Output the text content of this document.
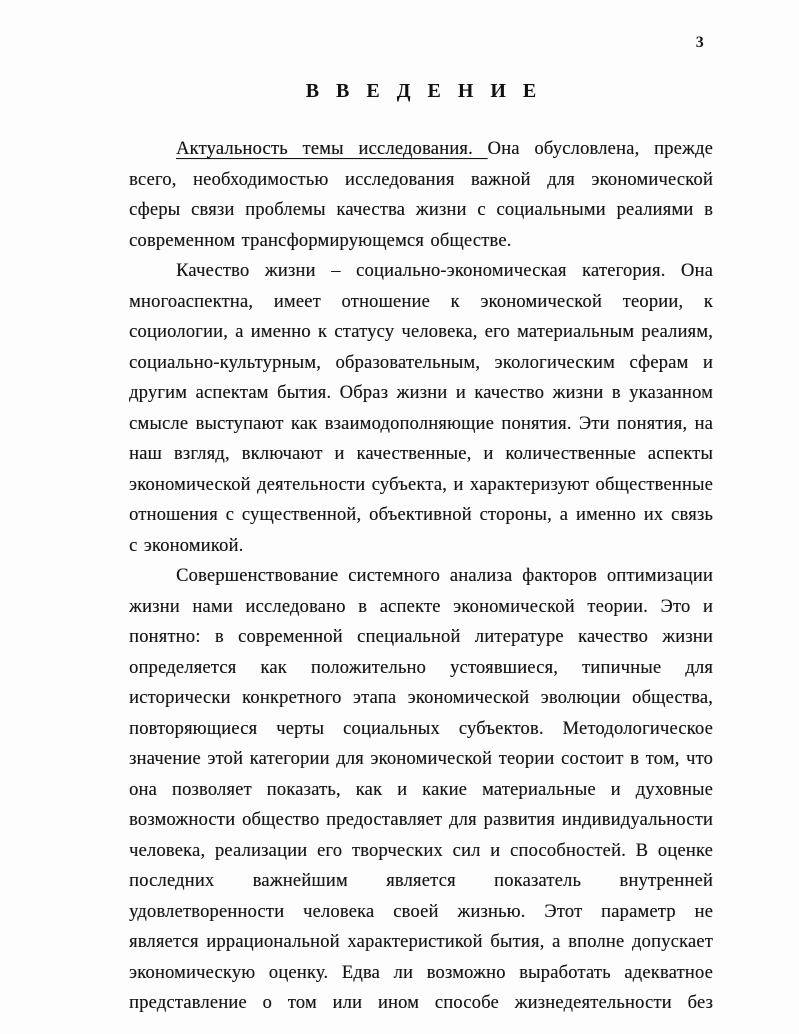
3
В В Е Д Е Н И Е

Актуальность темы исследования. Она обусловлена, прежде всего, необходимостью исследования важной для экономической сферы связи проблемы качества жизни с социальными реалиями в современном трансформирующемся обществе.

Качество жизни – социально-экономическая категория. Она многоаспектна, имеет отношение к экономической теории, к социологии, а именно к статусу человека, его материальным реалиям, социально-культурным, образовательным, экологическим сферам и другим аспектам бытия. Образ жизни и качество жизни в указанном смысле выступают как взаимодополняющие понятия. Эти понятия, на наш взгляд, включают и качественные, и количественные аспекты экономической деятельности субъекта, и характеризуют общественные отношения с существенной, объективной стороны, а именно их связь с экономикой.

Совершенствование системного анализа факторов оптимизации жизни нами исследовано в аспекте экономической теории. Это и понятно: в современной специальной литературе качество жизни определяется как положительно устоявшиеся, типичные для исторически конкретного этапа экономической эволюции общества, повторяющиеся черты социальных субъектов. Методологическое значение этой категории для экономической теории состоит в том, что она позволяет показать, как и какие материальные и духовные возможности общество предоставляет для развития индивидуальности человека, реализации его творческих сил и способностей. В оценке последних важнейшим является показатель внутренней удовлетворенности человека своей жизнью. Этот параметр не является иррациональной характеристикой бытия, а вполне допускает экономическую оценку. Едва ли возможно выработать адекватное представление о том или ином способе жизнедеятельности без
